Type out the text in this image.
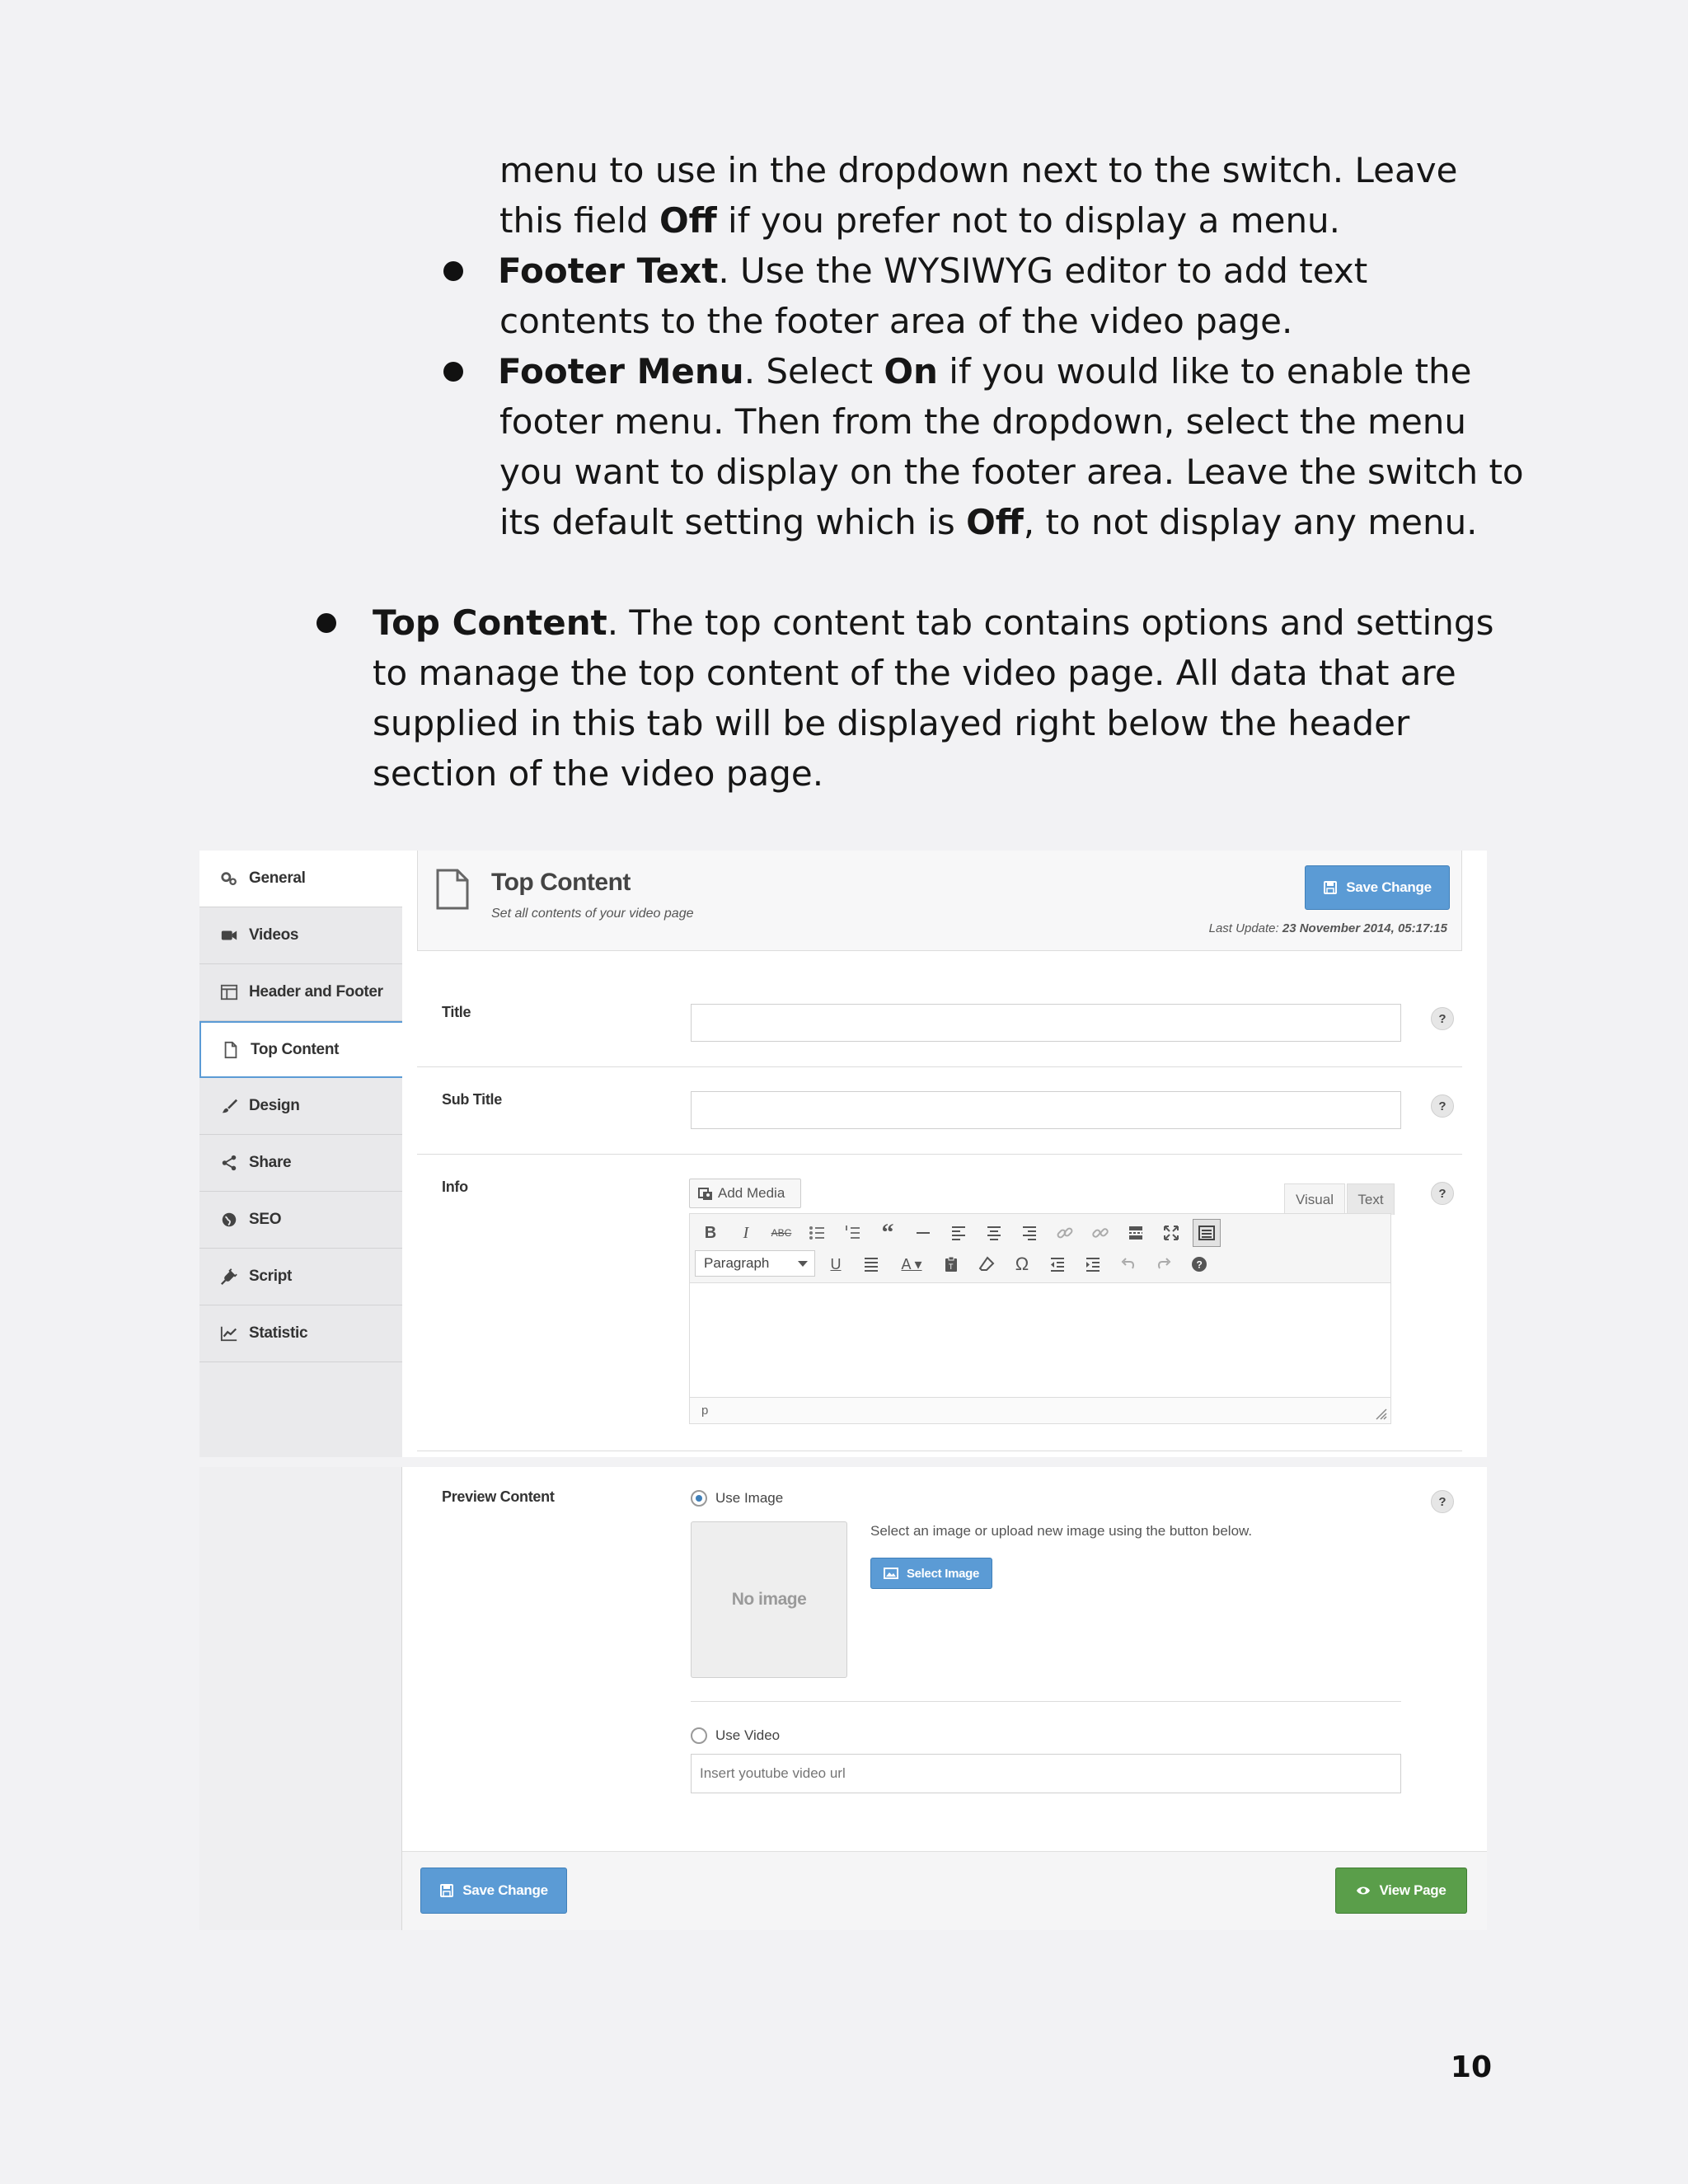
menu to use in the dropdown next to the switch. Leave
this field Off if you prefer not to display a menu.
Footer Text. Use the WYSIWYG editor to add text
contents to the footer area of the video page.
Footer Menu. Select On if you would like to enable the
footer menu. Then from the dropdown, select the menu
you want to display on the footer area. Leave the switch to
its default setting which is Off, to not display any menu.
Top Content. The top content tab contains options and settings
to manage the top content of the video page. All data that are
supplied in this tab will be displayed right below the header
section of the video page.
General
Videos
Header and Footer
Top Content
Design
Share
SEO
Script
Statistic
Top Content
Set all contents of your video page
Save Change
Last Update: 23 November 2014, 05:17:15
Title	?
Sub Title	?
Info	Add Media	Visual	Text	?
B	I	ABC	“
Paragraph	U	A ▾	T	Ω	?
p
Preview Content	Use Image	?
No image
Select an image or upload new image using the button below.
Select Image
Use Video
Insert youtube video url
Save Change	View Page
10
